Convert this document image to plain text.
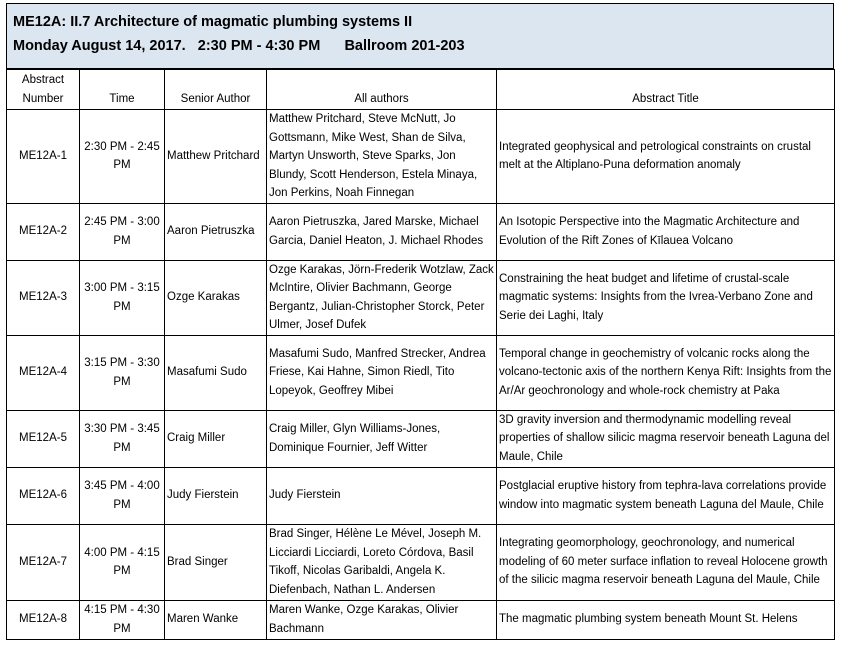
ME12A: II.7 Architecture of magmatic plumbing systems II
Monday August 14, 2017.   2:30 PM - 4:30 PM      Ballroom 201-203
Abstract
Number	Time	Senior Author	All authors	Abstract Title
ME12A-1	2:30 PM - 2:45 PM	Matthew Pritchard	Matthew Pritchard, Steve McNutt, Jo Gottsmann, Mike West, Shan de Silva, Martyn Unsworth, Steve Sparks, Jon Blundy, Scott Henderson, Estela Minaya, Jon Perkins, Noah Finnegan	Integrated geophysical and petrological constraints on crustal melt at the Altiplano-Puna deformation anomaly
ME12A-2	2:45 PM - 3:00 PM	Aaron Pietruszka	Aaron Pietruszka, Jared Marske, Michael Garcia, Daniel Heaton, J. Michael Rhodes	An Isotopic Perspective into the Magmatic Architecture and Evolution of the Rift Zones of Kīlauea Volcano
ME12A-3	3:00 PM - 3:15 PM	Ozge Karakas	Ozge Karakas, Jörn-Frederik Wotzlaw, Zack McIntire, Olivier Bachmann, George Bergantz, Julian-Christopher Storck, Peter Ulmer, Josef Dufek	Constraining the heat budget and lifetime of crustal-scale magmatic systems: Insights from the Ivrea-Verbano Zone and Serie dei Laghi, Italy
ME12A-4	3:15 PM - 3:30 PM	Masafumi Sudo	Masafumi Sudo, Manfred Strecker, Andrea Friese, Kai Hahne, Simon Riedl, Tito Lopeyok, Geoffrey Mibei	Temporal change in geochemistry of volcanic rocks along the volcano-tectonic axis of the northern Kenya Rift: Insights from the Ar/Ar geochronology and whole-rock chemistry at Paka
ME12A-5	3:30 PM - 3:45 PM	Craig Miller	Craig Miller, Glyn Williams-Jones, Dominique Fournier, Jeff Witter	3D gravity inversion and thermodynamic modelling reveal properties of shallow silicic magma reservoir beneath Laguna del Maule, Chile
ME12A-6	3:45 PM - 4:00 PM	Judy Fierstein	Judy Fierstein	Postglacial eruptive history from tephra-lava correlations provide window into magmatic system beneath Laguna del Maule, Chile
ME12A-7	4:00 PM - 4:15 PM	Brad Singer	Brad Singer, Hélène Le Mével, Joseph M. Licciardi Licciardi, Loreto Córdova, Basil Tikoff, Nicolas Garibaldi, Angela K. Diefenbach, Nathan L. Andersen	Integrating geomorphology, geochronology, and numerical modeling of 60 meter surface inflation to reveal Holocene growth of the silicic magma reservoir beneath Laguna del Maule, Chile
ME12A-8	4:15 PM - 4:30 PM	Maren Wanke	Maren Wanke, Ozge Karakas, Olivier Bachmann	The magmatic plumbing system beneath Mount St. Helens
